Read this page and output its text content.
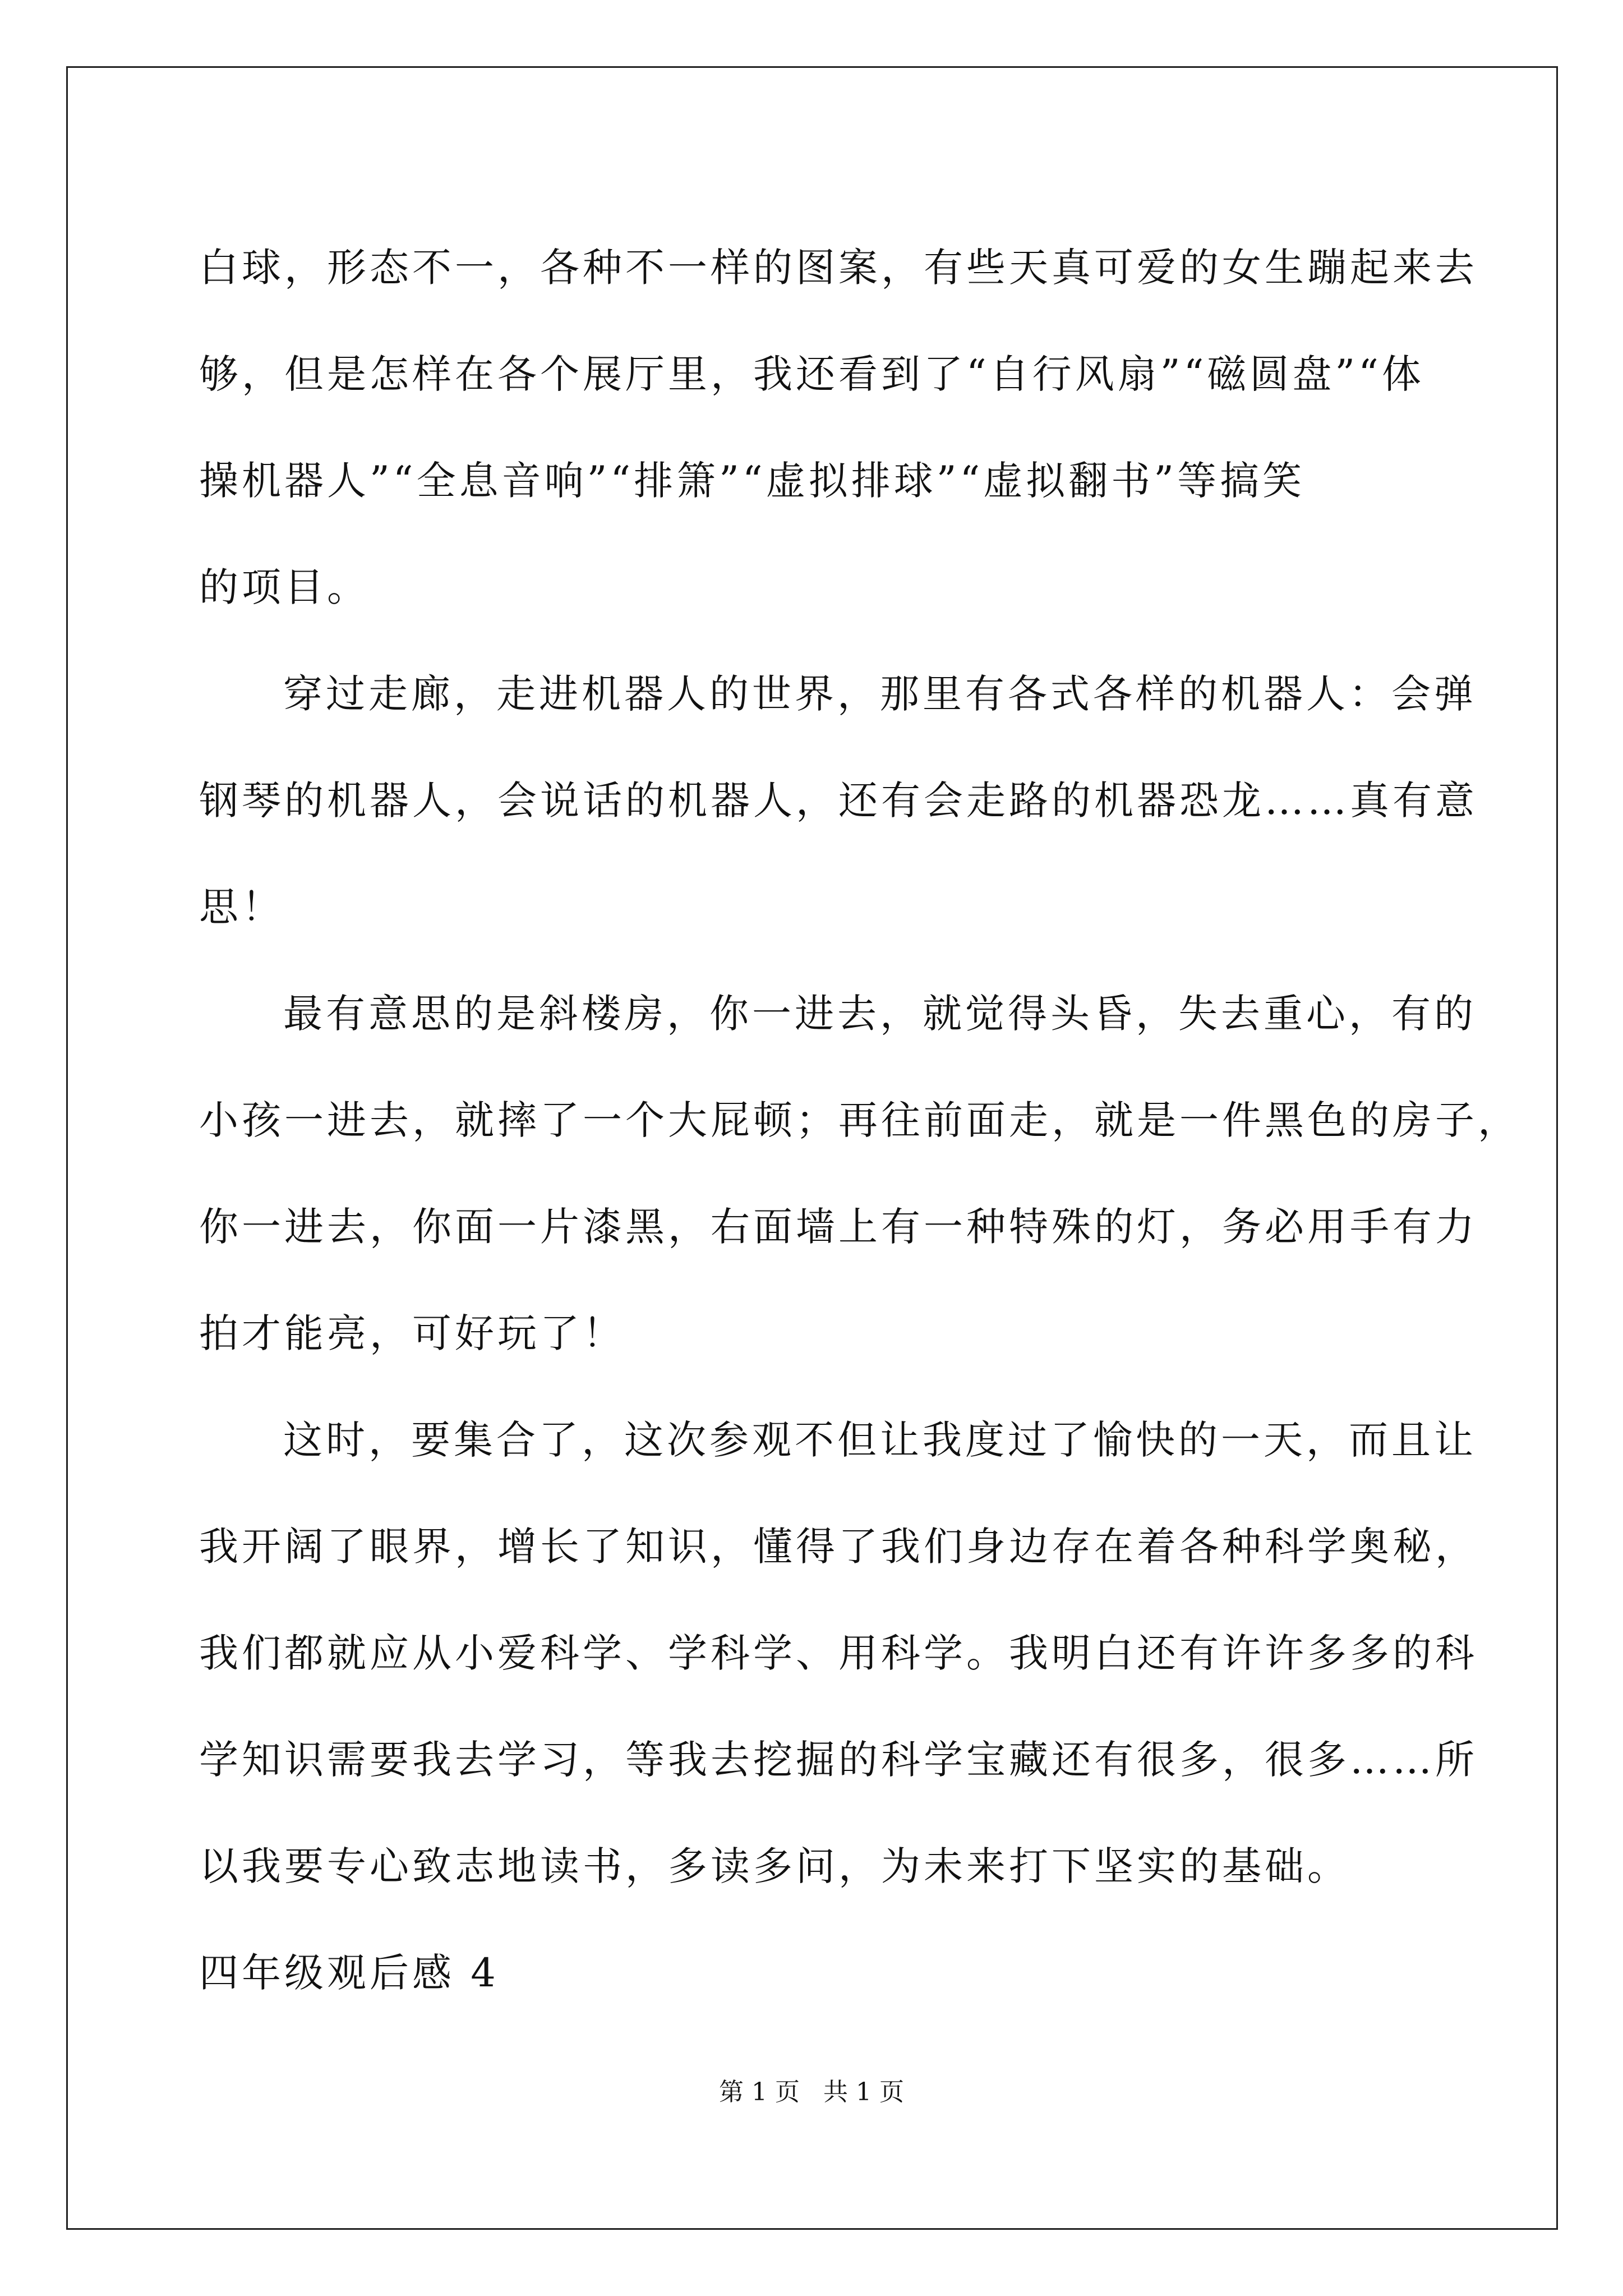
白球，形态不一，各种不一样的图案，有些天真可爱的女生蹦起来去
够，但是怎样在各个展厅里，我还看到了“自行风扇”“磁圆盘”“体
操机器人”“全息音响”“排箫”“虚拟排球”“虚拟翻书”等搞笑
的项目。
穿过走廊，走进机器人的世界，那里有各式各样的机器人：会弹
钢琴的机器人，会说话的机器人，还有会走路的机器恐龙……真有意
思！
最有意思的是斜楼房，你一进去，就觉得头昏，失去重心，有的
小孩一进去，就摔了一个大屁顿；再往前面走，就是一件黑色的房子，
你一进去，你面一片漆黑，右面墙上有一种特殊的灯，务必用手有力
拍才能亮，可好玩了！
这时，要集合了，这次参观不但让我度过了愉快的一天，而且让
我开阔了眼界，增长了知识，懂得了我们身边存在着各种科学奥秘，
我们都就应从小爱科学、学科学、用科学。我明白还有许许多多的科
学知识需要我去学习，等我去挖掘的科学宝藏还有很多，很多……所
以我要专心致志地读书，多读多问，为未来打下坚实的基础。
四年级观后感 4
第 1 页   共 1 页
